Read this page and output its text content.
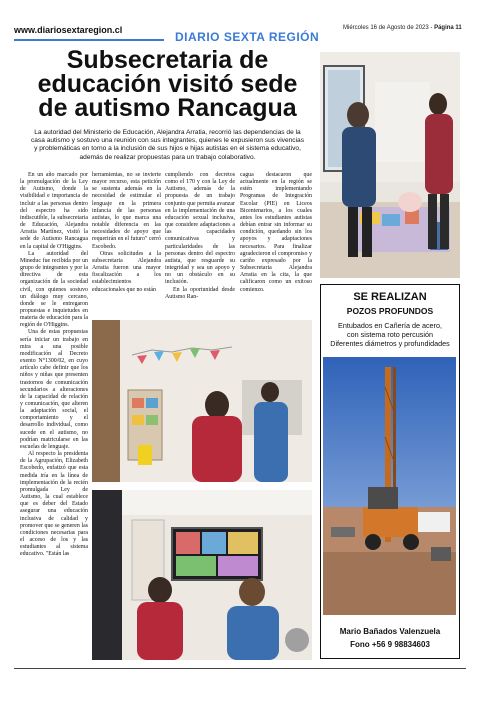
www.diariosextaregion.cl	DIARIO SEXTA REGIÓN
Miércoles 16 de Agosto de 2023 - Página 11
Subsecretaria de
educación visitó sede
de autismo Rancagua
La autoridad del Ministerio de Educación, Alejandra Arratia, recorrió las dependencias de la casa autismo y sostuvo una reunión con sus integrantes, quienes le expusieron sus vivencias y problemáticas en torno a la inclusión de sus hijos e hijas autistas en el sistema educativo, además de realizar propuestas para un trabajo colaborativo.

En un año marcado por la promulgación de la Ley de Autismo, donde la visibilidad e importancia de incluir a las personas dentro del espectro ha sido indiscutible, la subsecretaria de Educación, Alejandra Arratia Martínez, visitó la sede de Autismo Rancagua en la capital de O'Higgins.

La autoridad del Mineduc fue recibida por un grupo de integrantes y por la directiva de esta organización de la sociedad civil, con quienes sostuvo un diálogo muy cercano, donde se le entregaron propuestas e inquietudes en materia de educación para la región de O'Higgins.

Una de estas propuestas sería iniciar un trabajo en mira a una posible modificación al Decreto exento N°1300/02, en cuyo artículo cabe definir que los niños y niñas que presenten trastornos de comunicación secundarios a alteraciones de la capacidad de relación y comunicación, que alteren la adaptación social, el comportamiento y el desarrollo individual, como sucede en el autismo, no podrían matricularse en las escuelas de lenguaje.

Al respecto la presidenta de la Agrupación, Elizabeth Escobedo, enfatizó que esta medida iría en la línea de implementación de la recién promulgada Ley de Autismo, la cual establece que es deber del Estado asegurar una educación inclusiva de calidad y promover que se generen las condiciones necesarias para el acceso de los y las estudiantes al sistema educativo. "Están las

herramientas, no se invierte mayor recurso, esta petición se sustenta además en la necesidad de estimular el lenguaje en la primera infancia de las personas autistas, lo que marca una notable diferencia en las necesidades de apoyo que requerirán en el futuro" cerró Escobedo.

Otras solicitudes a la subsecretaria Alejandra Arratia fueron una mayor fiscalización a los establecimientos educacionales que no están

cumpliendo con decretos como el 170 y con la Ley de Autismo, además de la propuesta de un trabajo conjunto que permita avanzar en la implementación de una educación sexual inclusiva, que considere adaptaciones a las capacidades comunicativas y particularidades de las personas dentro del espectro autista, que resguarde su integridad y sea un apoyo y no un obstáculo en su inclusión.

En la oportunidad desde Autismo Ran-

cagua destacaron que actualmente en la región se estén implementando Programas de Integración Escolar (PIE) en Liceos Bicentenarios, a los cuales antes los estudiantes autistas debían entrar sin informar su condición, quedando sin los apoyos y adaptaciones necesarios. Para finalizar agradecieron el compromiso y cariño expresado por la Subsecretaria Alejandra Arratia en la cita, la que calificaron como un exitoso comienzo.

SE REALIZAN
POZOS PROFUNDOS
Entubados en Cañería de acero,
con sistema roto percusión
Diferentes diámetros y profundidades
Mario Bañados Valenzuela
Fono +56 9 98834603
